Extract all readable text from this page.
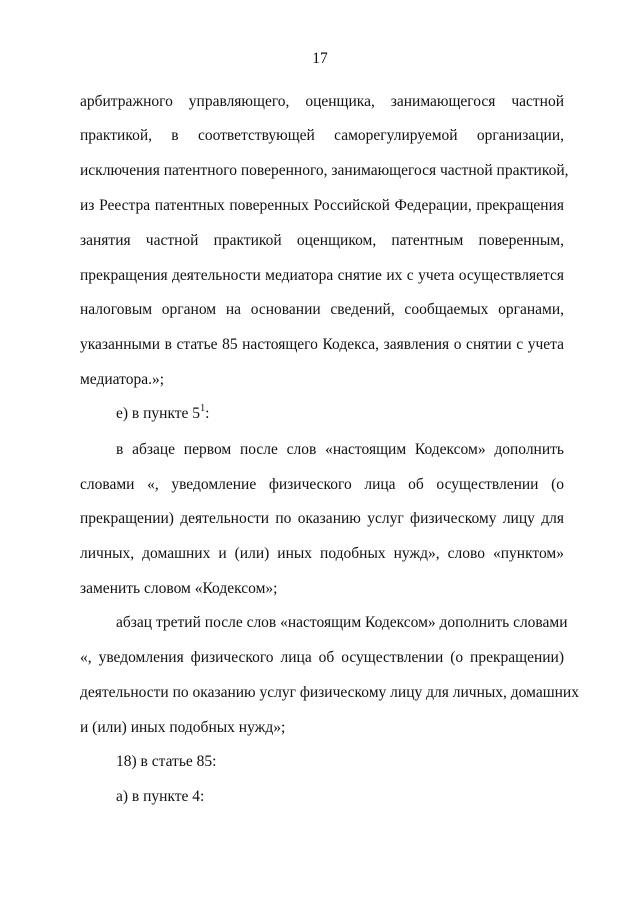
17
арбитражного управляющего, оценщика, занимающегося частной
практикой, в соответствующей саморегулируемой организации,
исключения патентного поверенного, занимающегося частной практикой,
из Реестра патентных поверенных Российской Федерации, прекращения
занятия частной практикой оценщиком, патентным поверенным,
прекращения деятельности медиатора снятие их с учета осуществляется
налоговым органом на основании сведений, сообщаемых органами,
указанными в статье 85 настоящего Кодекса, заявления о снятии с учета
медиатора.»;
е) в пункте $5^1$:
в абзаце первом после слов «настоящим Кодексом» дополнить
словами «, уведомление физического лица об осуществлении (о
прекращении) деятельности по оказанию услуг физическому лицу для
личных, домашних и (или) иных подобных нужд», слово «пунктом»
заменить словом «Кодексом»;
абзац третий после слов «настоящим Кодексом» дополнить словами
«, уведомления физического лица об осуществлении (о прекращении)
деятельности по оказанию услуг физическому лицу для личных, домашних
и (или) иных подобных нужд»;
18) в статье 85:
а) в пункте 4:
